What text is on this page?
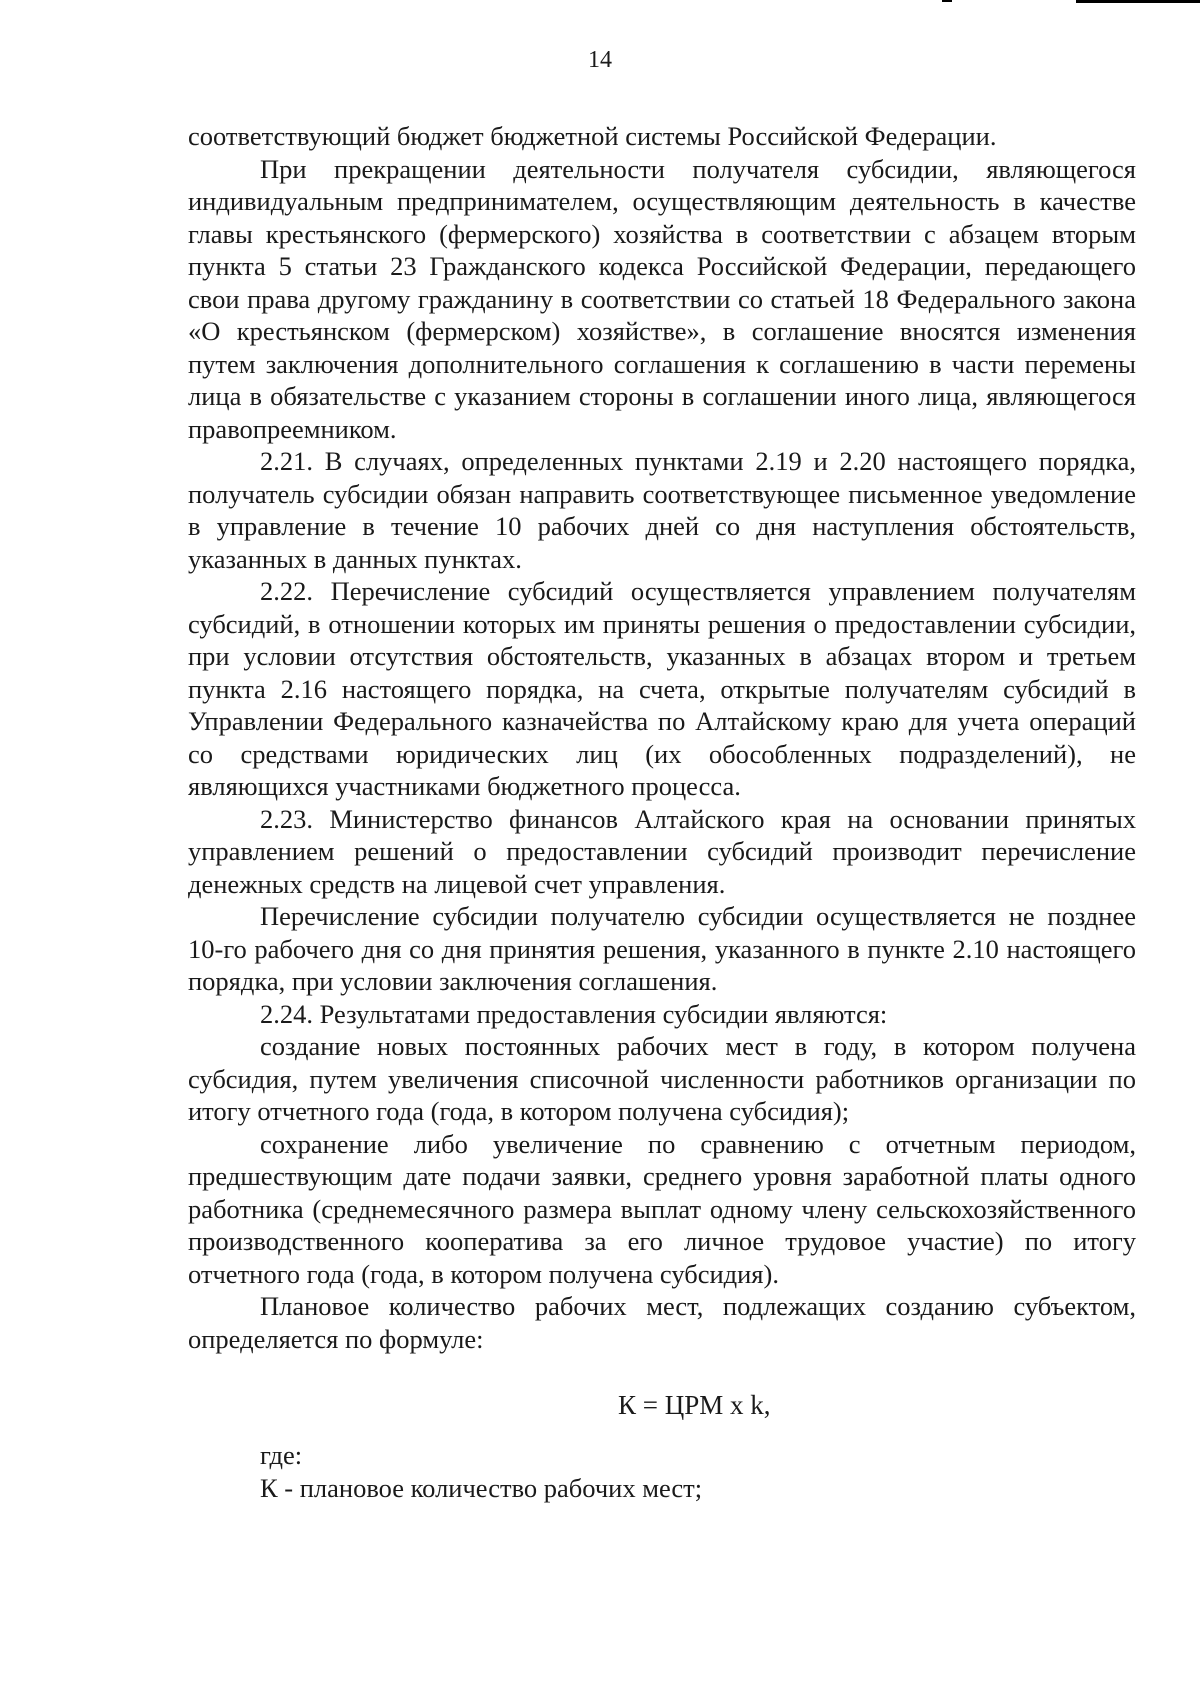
14

соответствующий бюджет бюджетной системы Российской Федерации.

При прекращении деятельности получателя субсидии, являющегося индивидуальным предпринимателем, осуществляющим деятельность в качестве главы крестьянского (фермерского) хозяйства в соответствии с абзацем вторым пункта 5 статьи 23 Гражданского кодекса Российской Федерации, передающего свои права другому гражданину в соответствии со статьей 18 Федерального закона «О крестьянском (фермерском) хозяйстве», в соглашение вносятся изменения путем заключения дополнительного соглашения к соглашению в части перемены лица в обязательстве с указанием стороны в соглашении иного лица, являющегося правопреемником.

2.21. В случаях, определенных пунктами 2.19 и 2.20 настоящего порядка, получатель субсидии обязан направить соответствующее письменное уведомление в управление в течение 10 рабочих дней со дня наступления обстоятельств, указанных в данных пунктах.

2.22. Перечисление субсидий осуществляется управлением получателям субсидий, в отношении которых им приняты решения о предоставлении субсидии, при условии отсутствия обстоятельств, указанных в абзацах втором и третьем пункта 2.16 настоящего порядка, на счета, открытые получателям субсидий в Управлении Федерального казначейства по Алтайскому краю для учета операций со средствами юридических лиц (их обособленных подразделений), не являющихся участниками бюджетного процесса.

2.23. Министерство финансов Алтайского края на основании принятых управлением решений о предоставлении субсидий производит перечисление денежных средств на лицевой счет управления.

Перечисление субсидии получателю субсидии осуществляется не позднее 10-го рабочего дня со дня принятия решения, указанного в пункте 2.10 настоящего порядка, при условии заключения соглашения.

2.24. Результатами предоставления субсидии являются:

создание новых постоянных рабочих мест в году, в котором получена субсидия, путем увеличения списочной численности работников организации по итогу отчетного года (года, в котором получена субсидия);

сохранение либо увеличение по сравнению с отчетным периодом, предшествующим дате подачи заявки, среднего уровня заработной платы одного работника (среднемесячного размера выплат одному члену сельскохозяйственного производственного кооператива за его личное трудовое участие) по итогу отчетного года (года, в котором получена субсидия).

Плановое количество рабочих мест, подлежащих созданию субъектом, определяется по формуле:

К = ЦРМ x k,

где:

К - плановое количество рабочих мест;
